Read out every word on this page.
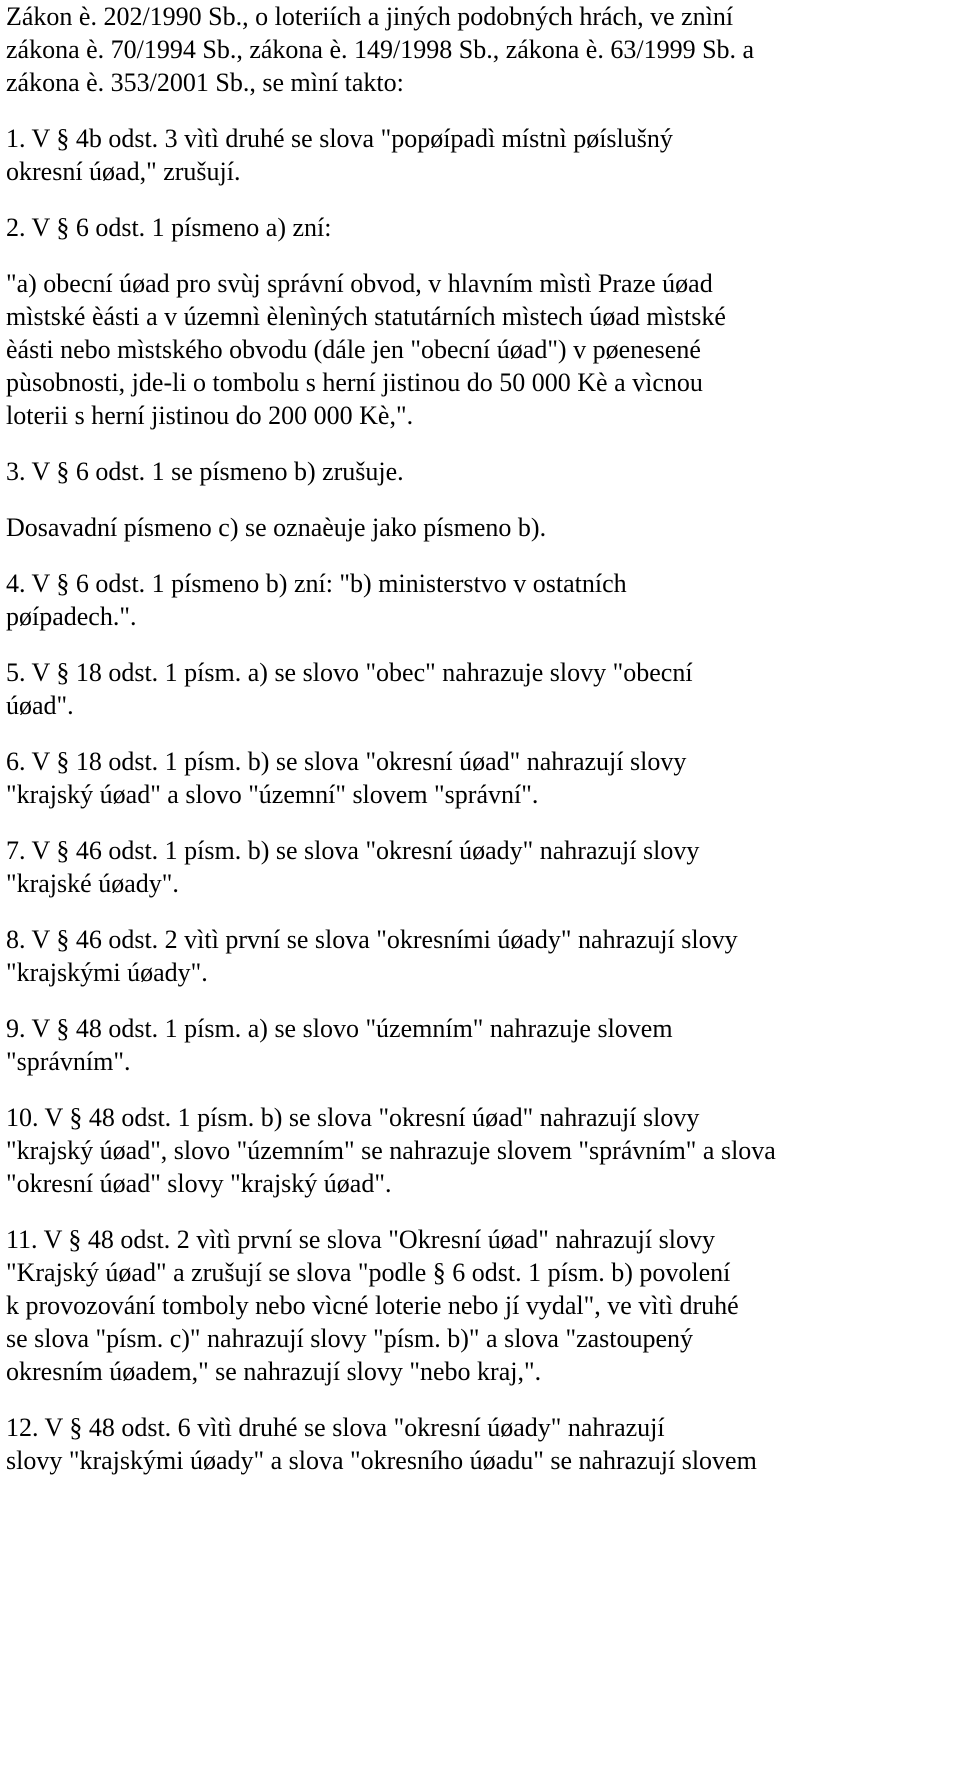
Zákon è. 202/1990 Sb., o loteriích a jiných podobných hrách, ve znìní
zákona è. 70/1994 Sb., zákona è. 149/1998 Sb., zákona è. 63/1999 Sb. a
zákona è. 353/2001 Sb., se mìní takto:
1. V § 4b odst. 3 vìtì druhé se slova "popøípadì místnì pøíslušný
okresní úøad," zrušují.
2. V § 6 odst. 1 písmeno a) zní:
"a) obecní úøad pro svùj správní obvod, v hlavním mìstì Praze úøad
mìstské èásti a v územnì èlenìných statutárních mìstech úøad mìstské
èásti nebo mìstského obvodu (dále jen "obecní úøad") v pøenesené
pùsobnosti, jde-li o tombolu s herní jistinou do 50 000 Kè a vìcnou
loterii s herní jistinou do 200 000 Kè,".
3. V § 6 odst. 1 se písmeno b) zrušuje.
Dosavadní písmeno c) se oznaèuje jako písmeno b).
4. V § 6 odst. 1 písmeno b) zní: "b) ministerstvo v ostatních
pøípadech.".
5. V § 18 odst. 1 písm. a) se slovo "obec" nahrazuje slovy "obecní
úøad".
6. V § 18 odst. 1 písm. b) se slova "okresní úøad" nahrazují slovy
"krajský úøad" a slovo "územní" slovem "správní".
7. V § 46 odst. 1 písm. b) se slova "okresní úøady" nahrazují slovy
"krajské úøady".
8. V § 46 odst. 2 vìtì první se slova "okresními úøady" nahrazují slovy
"krajskými úøady".
9. V § 48 odst. 1 písm. a) se slovo "územním" nahrazuje slovem
"správním".
10. V § 48 odst. 1 písm. b) se slova "okresní úøad" nahrazují slovy
"krajský úøad", slovo "územním" se nahrazuje slovem "správním" a slova
"okresní úøad" slovy "krajský úøad".
11. V § 48 odst. 2 vìtì první se slova "Okresní úøad" nahrazují slovy
"Krajský úøad" a zrušují se slova "podle § 6 odst. 1 písm. b) povolení
k provozování tomboly nebo vìcné loterie nebo jí vydal", ve vìtì druhé
se slova "písm. c)" nahrazují slovy "písm. b)" a slova "zastoupený
okresním úøadem," se nahrazují slovy "nebo kraj,".
12. V § 48 odst. 6 vìtì druhé se slova "okresní úøady" nahrazují
slovy "krajskými úøady" a slova "okresního úøadu" se nahrazují slovem
